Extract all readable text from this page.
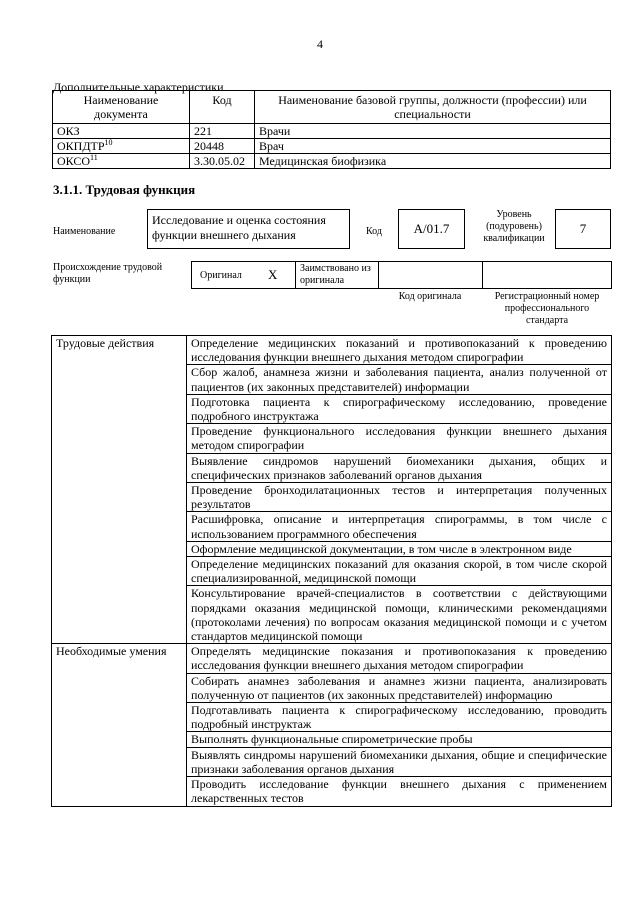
4
Дополнительные характеристики
Наименование документа	Код	Наименование базовой группы, должности (профессии) или специальности
ОКЗ	221	Врачи
ОКПДТР$^{10}$	20448	Врач
ОКСО$^{11}$	3.30.05.02	Медицинская биофизика
3.1.1. Трудовая функция
Наименование
Исследование и оценка состояния функции внешнего дыхания	Код	А/01.7
Уровень (подуровень) квалификации
7
Происхождение трудовой функции	Оригинал X Заимствовано из оригинала
Код оригинала	Регистрационный номер профессионального стандарта
Трудовые действия	Определение медицинских показаний и противопоказаний к проведению исследования функции внешнего дыхания методом спирографии
	Сбор жалоб, анамнеза жизни и заболевания пациента, анализ полученной от пациентов (их законных представителей) информации
	Подготовка пациента к спирографическому исследованию, проведение подробного инструктажа
	Проведение функционального исследования функции внешнего дыхания методом спирографии
	Выявление синдромов нарушений биомеханики дыхания, общих и специфических признаков заболеваний органов дыхания
	Проведение бронходилатационных тестов и интерпретация полученных результатов
	Расшифровка, описание и интерпретация спирограммы, в том числе с использованием программного обеспечения
	Оформление медицинской документации, в том числе в электронном виде
	Определение медицинских показаний для оказания скорой, в том числе скорой специализированной, медицинской помощи
	Консультирование врачей-специалистов в соответствии с действующими порядками оказания медицинской помощи, клиническими рекомендациями (протоколами лечения) по вопросам оказания медицинской помощи и с учетом стандартов медицинской помощи
Необходимые умения	Определять медицинские показания и противопоказания к проведению исследования функции внешнего дыхания методом спирографии
	Собирать анамнез заболевания и анамнез жизни пациента, анализировать полученную от пациентов (их законных представителей) информацию
	Подготавливать пациента к спирографическому исследованию, проводить подробный инструктаж
	Выполнять функциональные спирометрические пробы
	Выявлять синдромы нарушений биомеханики дыхания, общие и специфические признаки заболевания органов дыхания
	Проводить исследование функции внешнего дыхания с применением лекарственных тестов
